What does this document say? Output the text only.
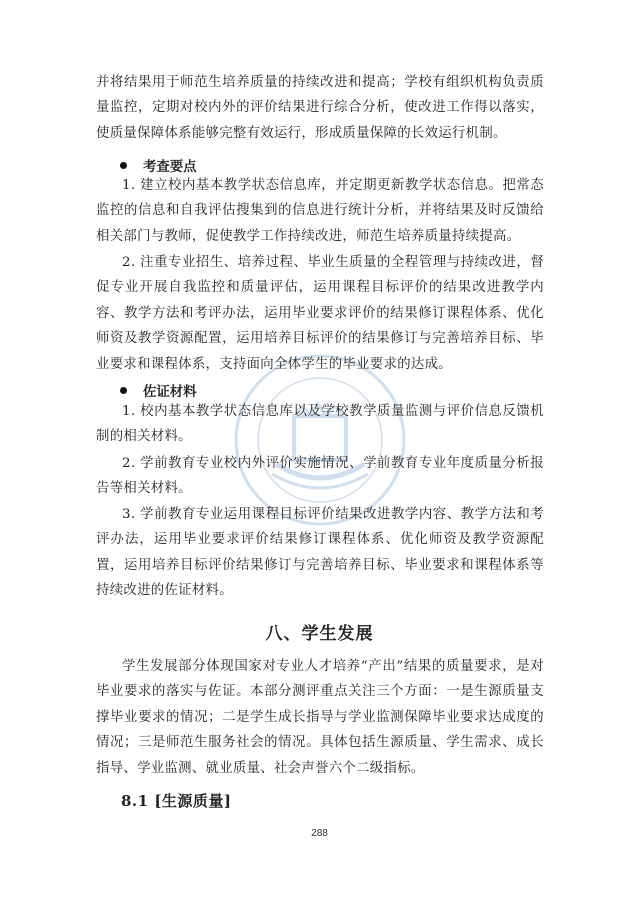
并将结果用于师范生培养质量的持续改进和提高；学校有组织机构负责质量监控，定期对校内外的评价结果进行综合分析，使改进工作得以落实，使质量保障体系能够完整有效运行，形成质量保障的长效运行机制。

考查要点

1. 建立校内基本教学状态信息库，并定期更新教学状态信息。把常态监控的信息和自我评估搜集到的信息进行统计分析，并将结果及时反馈给相关部门与教师，促使教学工作持续改进，师范生培养质量持续提高。

2. 注重专业招生、培养过程、毕业生质量的全程管理与持续改进，督促专业开展自我监控和质量评估，运用课程目标评价的结果改进教学内容、教学方法和考评办法，运用毕业要求评价的结果修订课程体系、优化师资及教学资源配置，运用培养目标评价的结果修订与完善培养目标、毕业要求和课程体系，支持面向全体学生的毕业要求的达成。

佐证材料

1. 校内基本教学状态信息库以及学校教学质量监测与评价信息反馈机制的相关材料。

2. 学前教育专业校内外评价实施情况、学前教育专业年度质量分析报告等相关材料。

3. 学前教育专业运用课程目标评价结果改进教学内容、教学方法和考评办法，运用毕业要求评价结果修订课程体系、优化师资及教学资源配置，运用培养目标评价结果修订与完善培养目标、毕业要求和课程体系等持续改进的佐证材料。

八、学生发展

学生发展部分体现国家对专业人才培养“产出”结果的质量要求，是对毕业要求的落实与佐证。本部分测评重点关注三个方面：一是生源质量支撑毕业要求的情况；二是学生成长指导与学业监测保障毕业要求达成度的情况；三是师范生服务社会的情况。具体包括生源质量、学生需求、成长指导、学业监测、就业质量、社会声誉六个二级指标。

8.1 [生源质量]
288
